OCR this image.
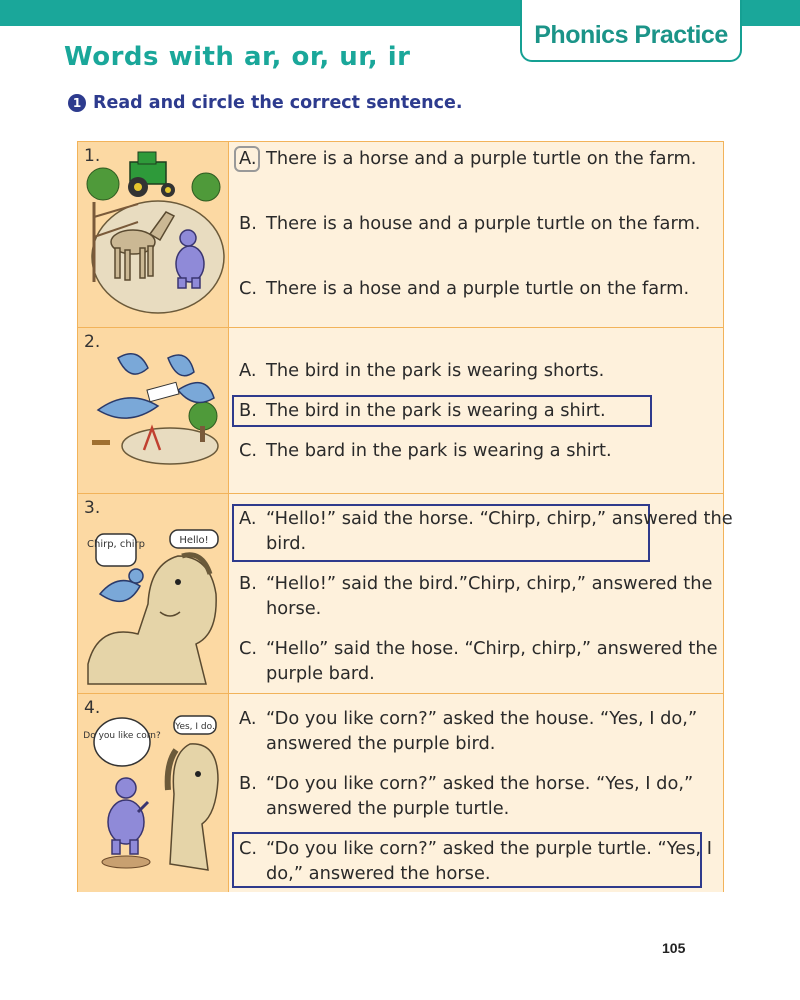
Phonics Practice
Words with ar, or, ur, ir
1 Read and circle the correct sentence.
1.	A. There is a horse and a purple turtle on the farm.
B. There is a house and a purple turtle on the farm.
C. There is a hose and a purple turtle on the farm.
2.
A. The bird in the park is wearing shorts.
B. The bird in the park is wearing a shirt.
C. The bard in the park is wearing a shirt.
3.
Chirp, chirp	Hello!
A. “Hello!” said the horse. “Chirp, chirp,” answered the bird.
B. “Hello!” said the bird.”Chirp, chirp,” answered the horse.
C. “Hello” said the hose. “Chirp, chirp,” answered the purple bard.
4.
Do you like corn?
Yes, I do. A. “Do you like corn?” asked the house. “Yes, I do,” answered the purple bird.
B. “Do you like corn?” asked the horse. “Yes, I do,” answered the purple turtle.
C. “Do you like corn?” asked the purple turtle. “Yes, I do,” answered the horse.
105
